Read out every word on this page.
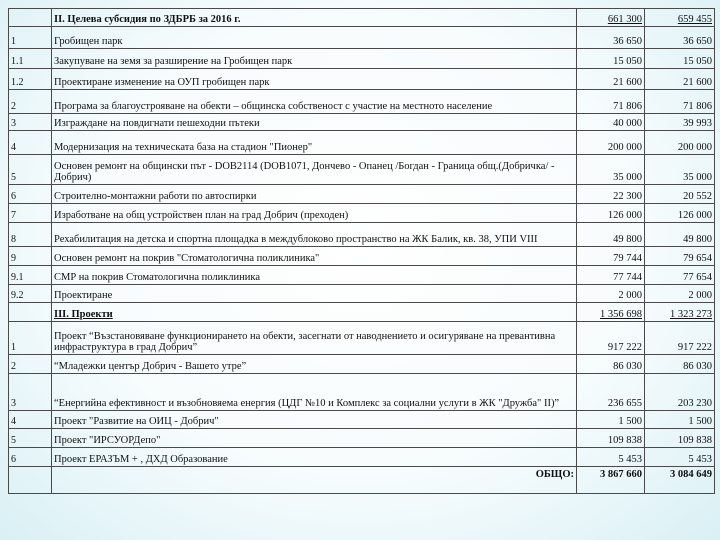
	II. Целева субсидия по ЗДБРБ за 2016 г.	661 300	659 455
1	Гробищен парк	36 650	36 650
1.1	Закупуване на земя за разширение на Гробищен парк	15 050	15 050
1.2	Проектиране изменение на ОУП гробищен парк	21 600	21 600
2	Програма за благоустрояване на обекти – общинска собственост с участие на местното население	71 806	71 806
3	Изграждане на повдигнати пешеходни пътеки	40 000	39 993
4	Модернизация на техническата база на стадион "Пионер"	200 000	200 000
5	Основен ремонт на общински път - DOB2114 (DOB1071, Дончево - Опанец /Богдан - Граница общ.(Добричка/ - Добрич)	35 000	35 000
6	Строително-монтажни работи по автоспирки	22 300	20 552
7	Изработване на общ устройствен план на град Добрич (преходен)	126 000	126 000
8	Рехабилитация на детска и спортна площадка в междублоково пространство на ЖК Балик, кв. 38, УПИ VIII	49 800	49 800
9	Основен ремонт на покрив "Стоматологична поликлиника"	79 744	79 654
9.1	СМР на покрив Стоматологична поликлиника	77 744	77 654
9.2	Проектиране	2 000	2 000
	III. Проекти	1 356 698	1 323 273
1	Проект “Възстановяване функционирането на обекти, засегнати от наводнението и осигуряване на превантивна инфраструктура в град Добрич”	917 222	917 222
2	“Младежки център Добрич - Вашето утре”	86 030	86 030
3	“Енергийна ефективност и възобновяема енергия (ЦДГ №10 и Комплекс за социални услуги в ЖК "Дружба" II)”	236 655	203 230
4	Проект "Развитие на ОИЦ - Добрич"	1 500	1 500
5	Проект "ИРСУОРДепо"	109 838	109 838
6	Проект ЕРАЗЪМ + , ДХД Образование	5 453	5 453
	ОБЩО:	3 867 660	3 084 649
